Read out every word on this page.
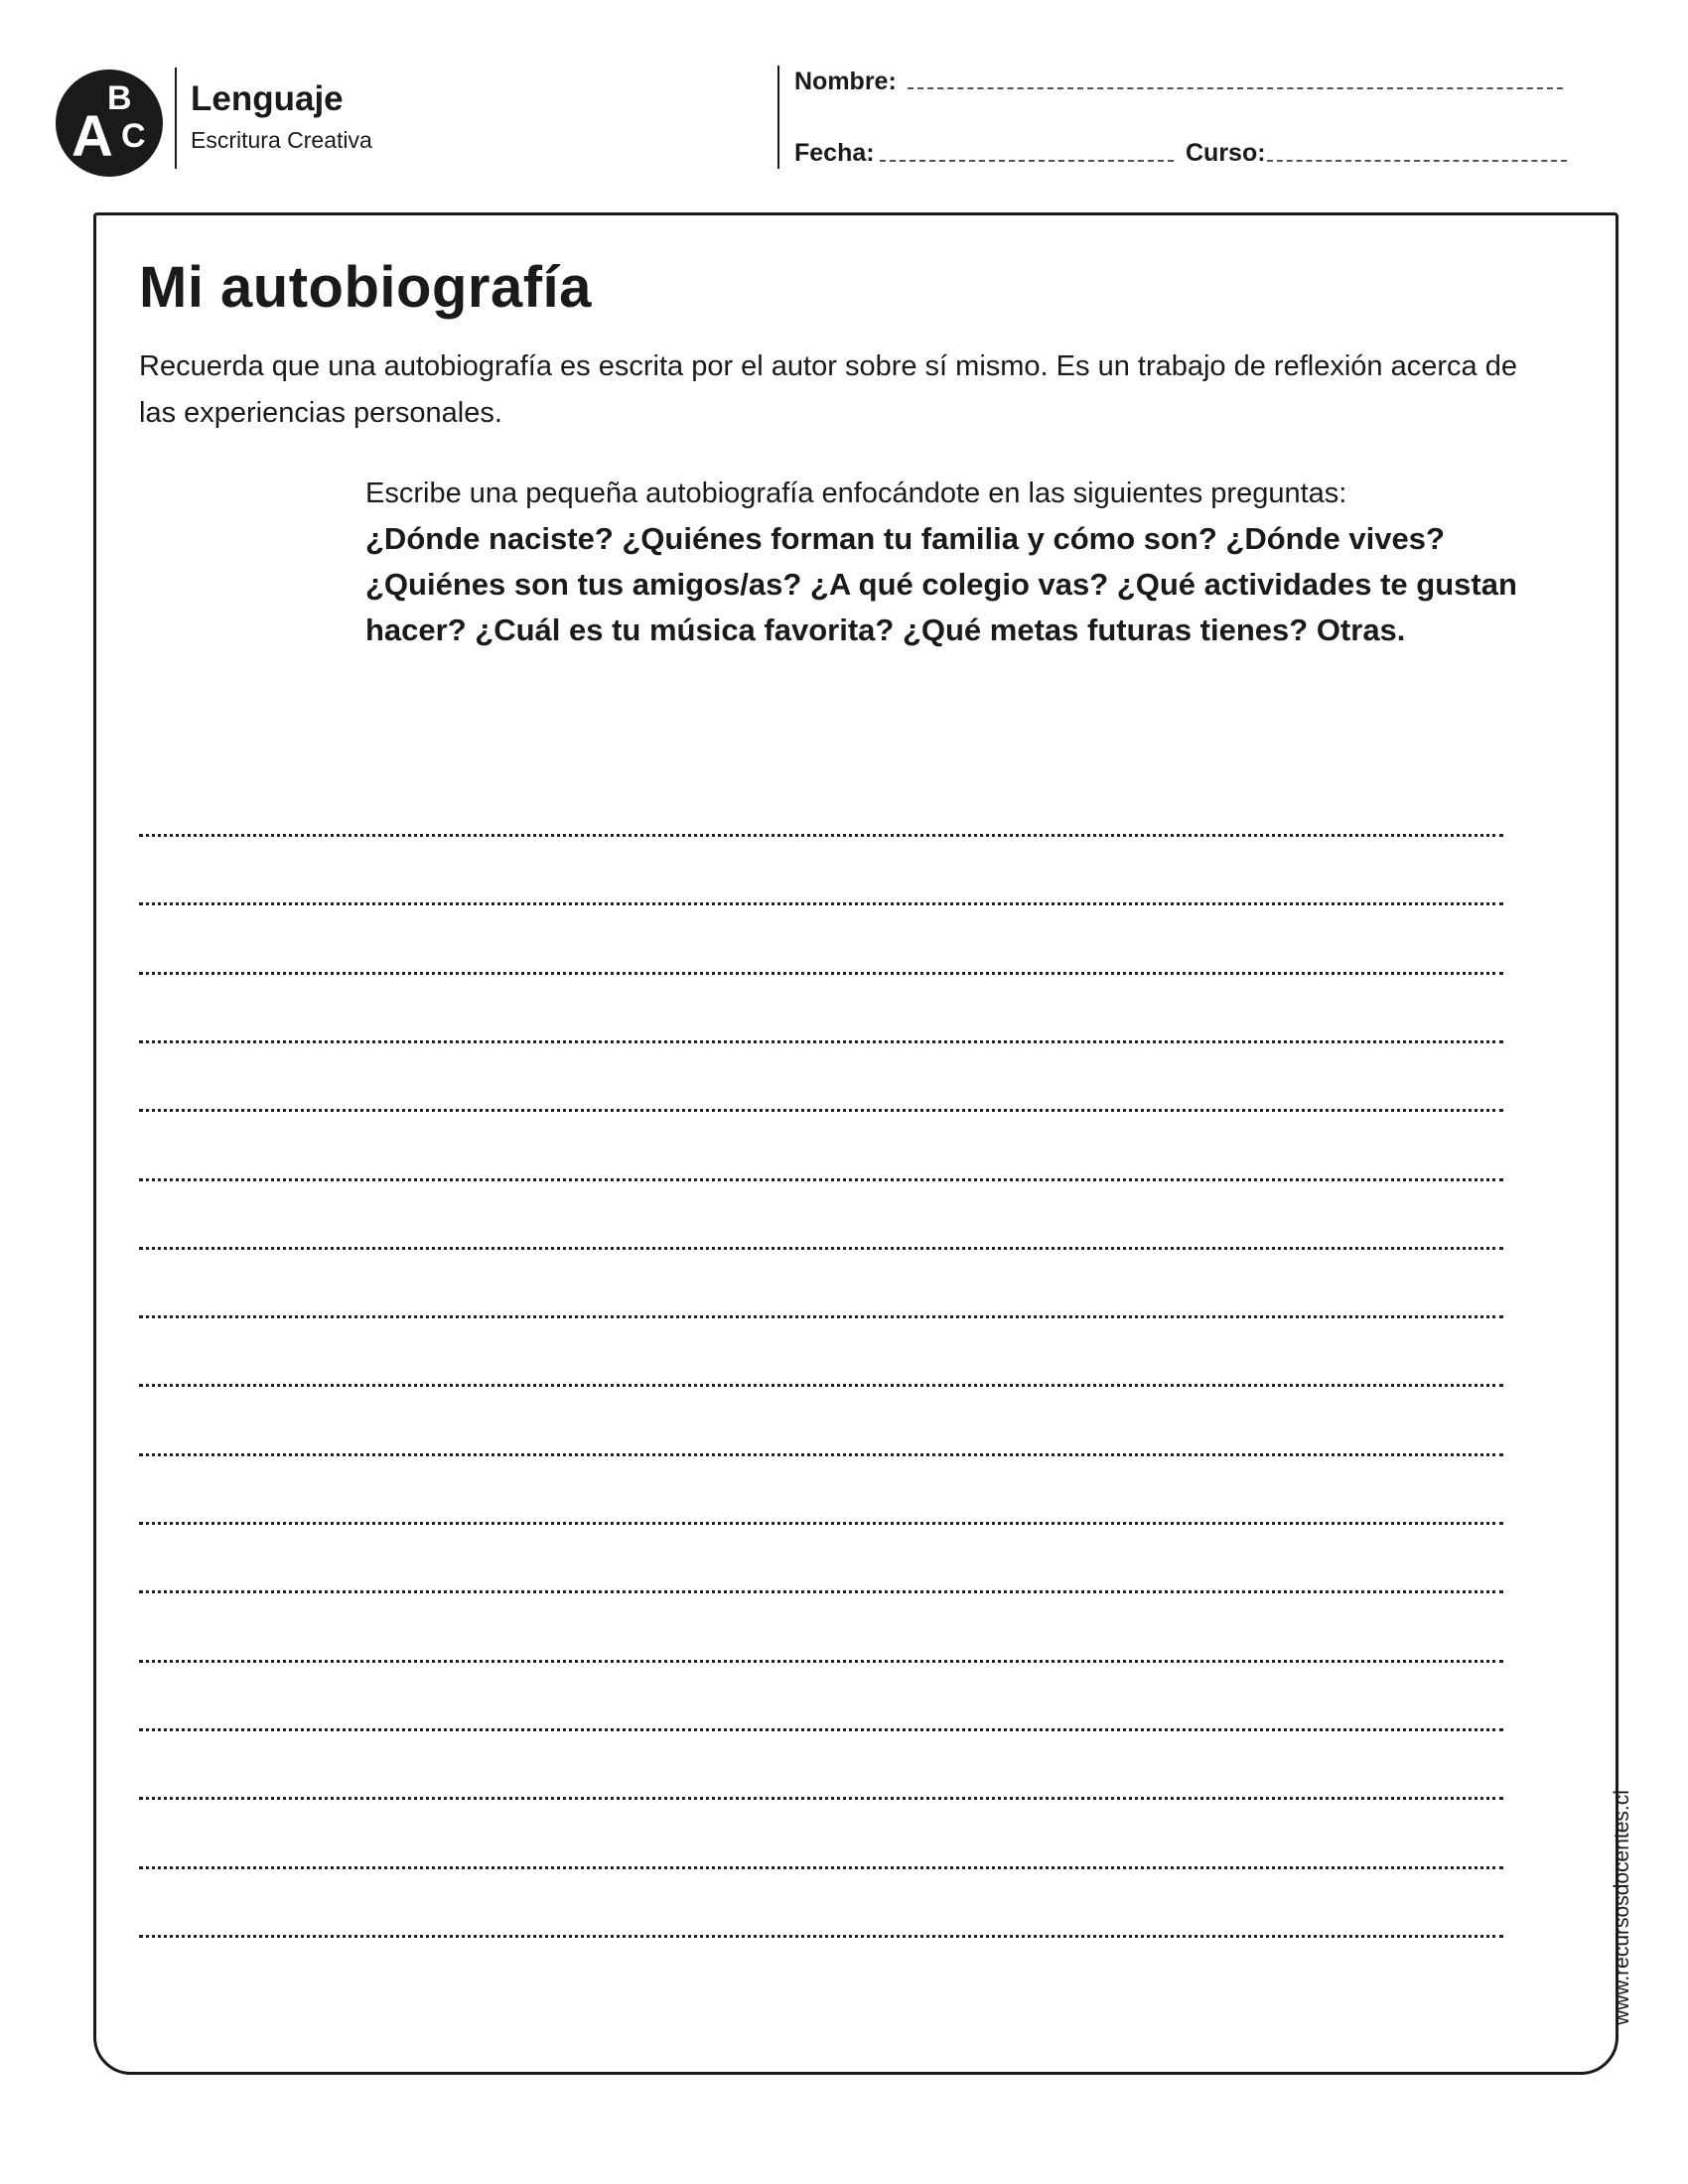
A
B
C
Lenguaje
Escritura Creativa
Nombre:
Fecha:	Curso:
Mi autobiografía
Recuerda que una autobiografía es escrita por el autor sobre sí mismo. Es un trabajo de reflexión acerca de las experiencias personales.
Escribe una pequeña autobiografía enfocándote en las siguientes preguntas:
¿Dónde naciste? ¿Quiénes forman tu familia y cómo son? ¿Dónde vives? ¿Quiénes son tus amigos/as? ¿A qué colegio vas? ¿Qué actividades te gustan hacer? ¿Cuál es tu música favorita? ¿Qué metas futuras tienes? Otras.
www.recursosdocentes.cl
